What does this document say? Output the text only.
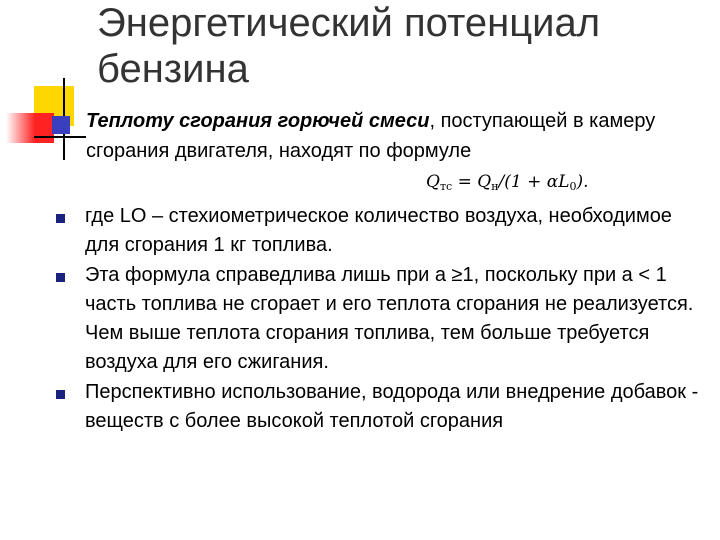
Энергетический потенциал
бензина

Теплоту сгорания горючей смеси, поступающей в камеру сгорания двигателя, находят по формуле

$Q_{тс} = Q_н/(1 + \alpha L_0)$.
где LO – стехиометрическое количество воздуха, необходимое для сгорания 1 кг топлива.
Эта формула справедлива лишь при а ≥1, поскольку при а < 1 часть топлива не сгорает и его теплота сгорания не реализуется. Чем выше теплота сгорания топлива, тем больше требуется воздуха для его сжигания.
Перспективно использование, водорода или внедрение добавок - веществ с более высокой теплотой сгорания
